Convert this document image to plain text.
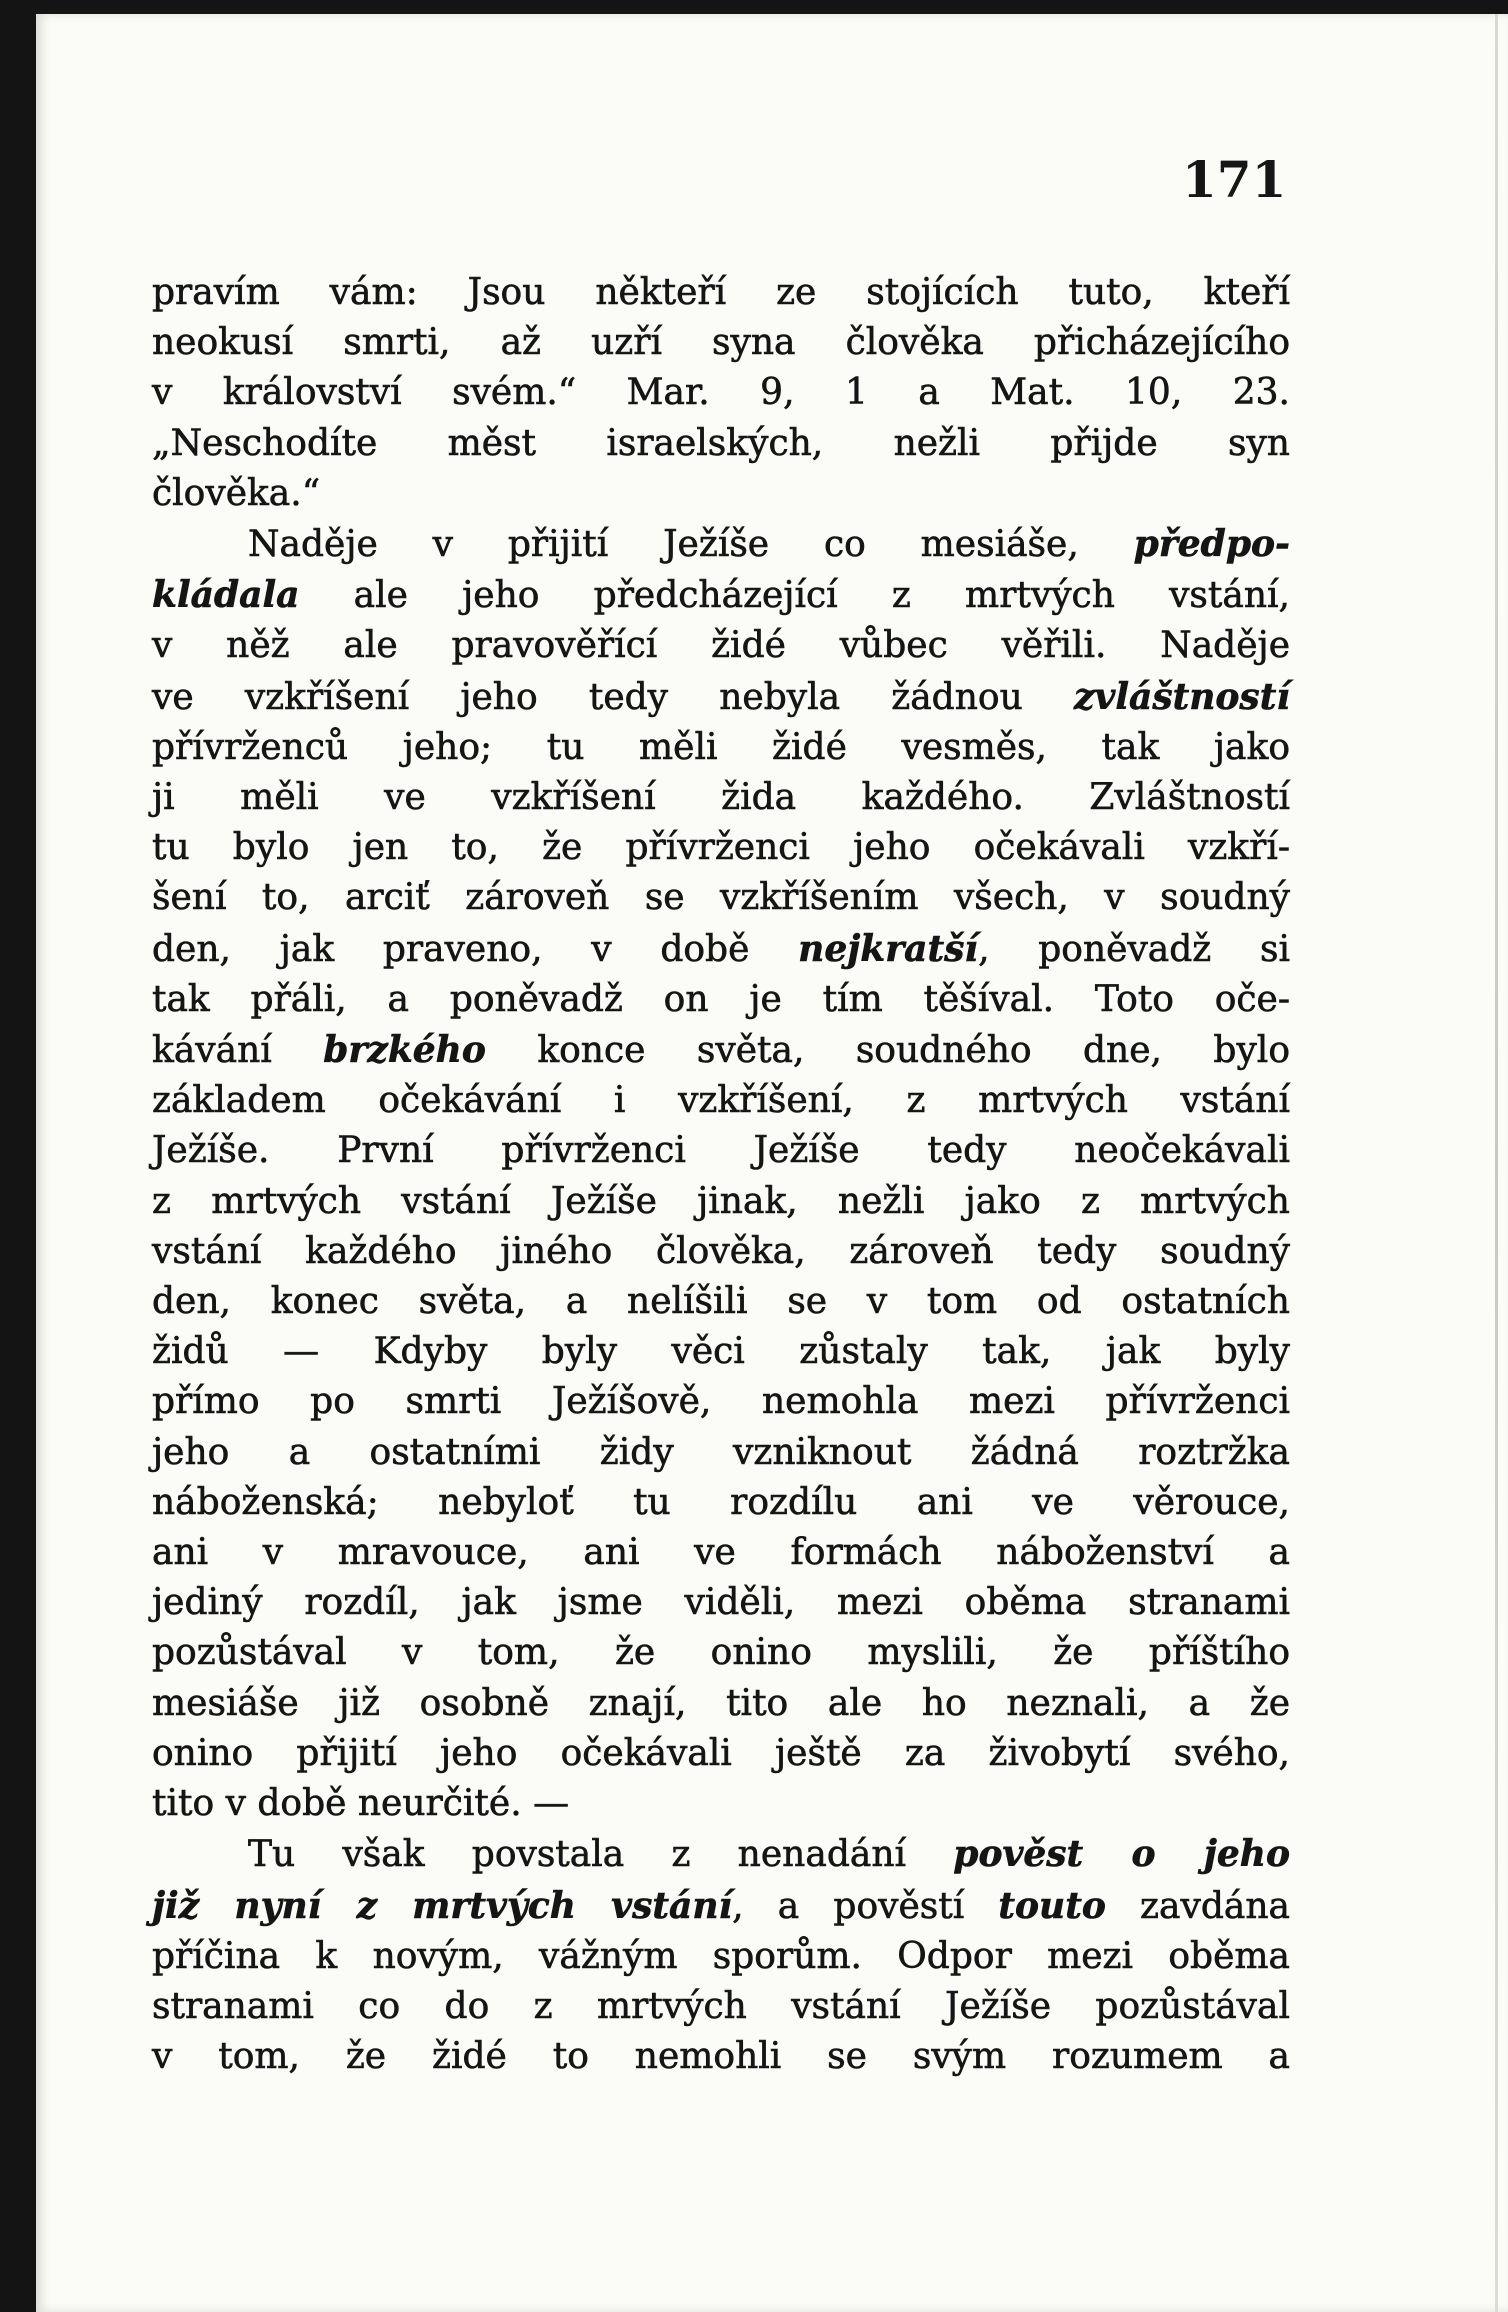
171
pravím vám: Jsou někteří ze stojících tuto, kteří
neokusí smrti, až uzří syna člověka přicházejícího
v království svém.“ Mar. 9, 1 a Mat. 10, 23.
„Neschodíte měst israelských, nežli přijde syn
člověka.“
Naděje v přijití Ježíše co mesiáše, předpo-
kládala ale jeho předcházející z mrtvých vstání,
v něž ale pravověřící židé vůbec věřili. Naděje
ve vzkříšení jeho tedy nebyla žádnou zvláštností
přívrženců jeho; tu měli židé vesměs, tak jako
ji měli ve vzkříšení žida každého. Zvláštností
tu bylo jen to, že přívrženci jeho očekávali vzkří-
šení to, arciť zároveň se vzkříšením všech, v soudný
den, jak praveno, v době nejkratší, poněvadž si
tak přáli, a poněvadž on je tím těšíval. Toto oče-
kávání brzkého konce světa, soudného dne, bylo
základem očekávání i vzkříšení, z mrtvých vstání
Ježíše. První přívrženci Ježíše tedy neočekávali
z mrtvých vstání Ježíše jinak, nežli jako z mrtvých
vstání každého jiného člověka, zároveň tedy soudný
den, konec světa, a nelíšili se v tom od ostatních
židů — Kdyby byly věci zůstaly tak, jak byly
přímo po smrti Ježíšově, nemohla mezi přívrženci
jeho a ostatními židy vzniknout žádná roztržka
náboženská; nebyloť tu rozdílu ani ve věrouce,
ani v mravouce, ani ve formách náboženství a
jediný rozdíl, jak jsme viděli, mezi oběma stranami
pozůstával v tom, že onino myslili, že příštího
mesiáše již osobně znají, tito ale ho neznali, a že
onino přijití jeho očekávali ještě za živobytí svého,
tito v době neurčité. —
Tu však povstala z nenadání pověst o jeho
již nyní z mrtvých vstání, a pověstí touto zavdána
příčina k novým, vážným sporům. Odpor mezi oběma
stranami co do z mrtvých vstání Ježíše pozůstával
v tom, že židé to nemohli se svým rozumem a
